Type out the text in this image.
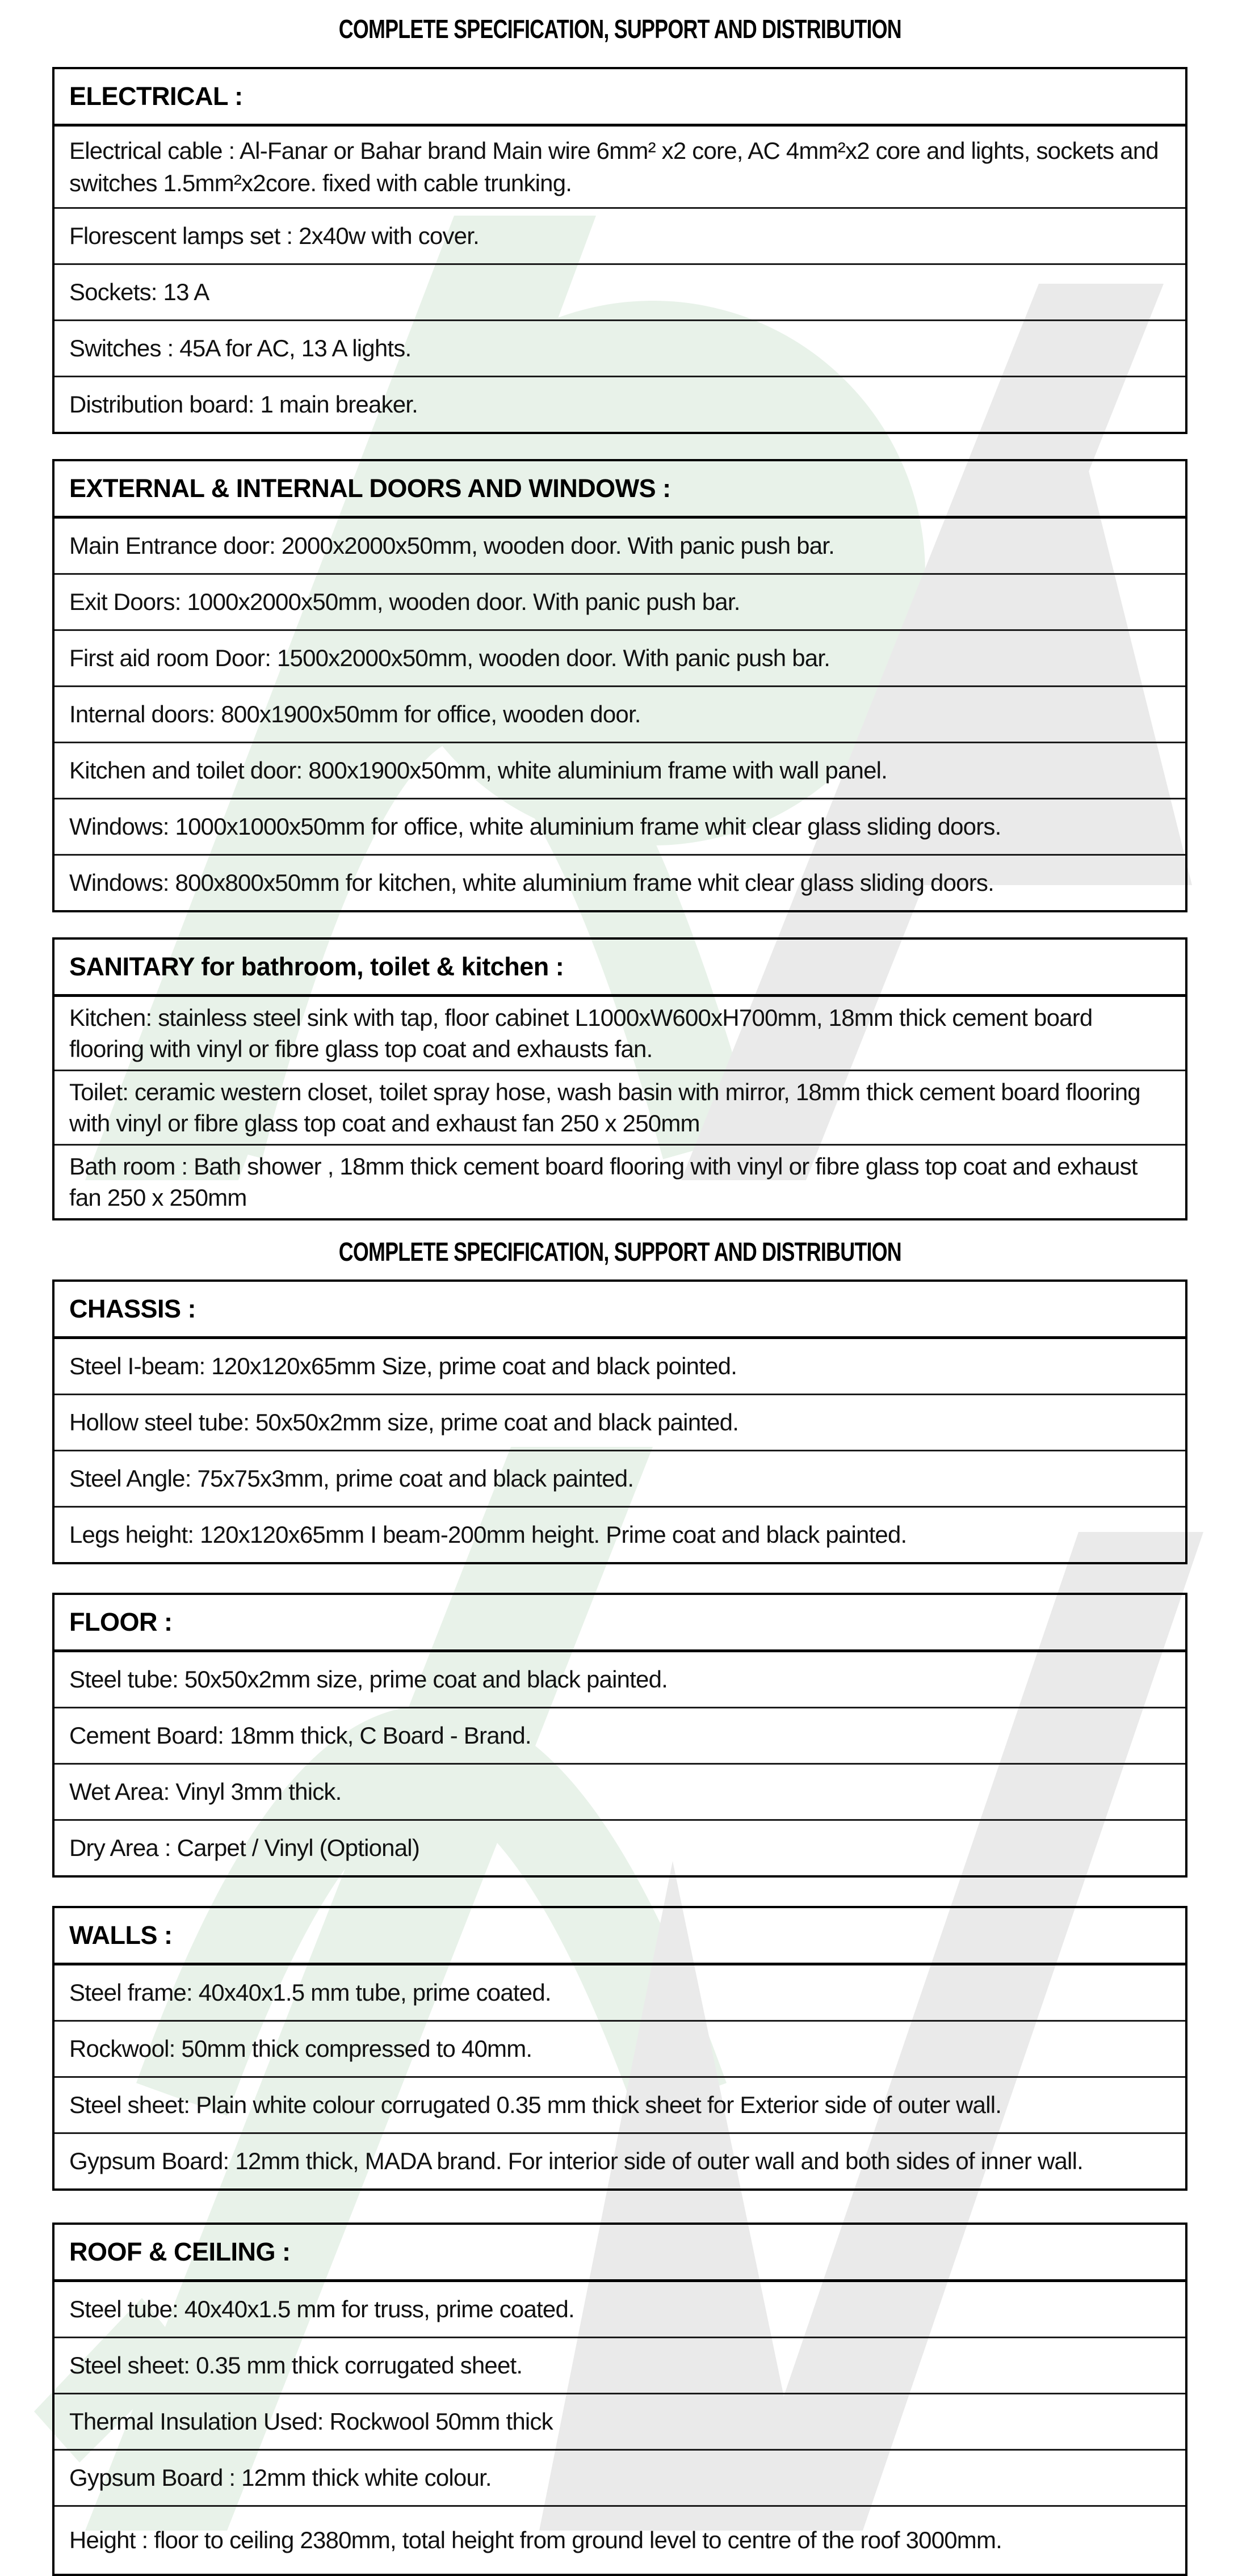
COMPLETE SPECIFICATION, SUPPORT AND DISTRIBUTION
ELECTRICAL :
Electrical cable : Al-Fanar or Bahar brand Main wire 6mm² x2 core, AC 4mm²x2 core and lights, sockets and switches 1.5mm²x2core. fixed with cable trunking.
Florescent lamps set : 2x40w with cover.
Sockets: 13 A
Switches : 45A for AC, 13 A lights.
Distribution board: 1 main breaker.
EXTERNAL & INTERNAL DOORS AND WINDOWS :
Main Entrance door: 2000x2000x50mm, wooden door. With panic push bar.
Exit Doors: 1000x2000x50mm, wooden door. With panic push bar.
First aid room Door: 1500x2000x50mm, wooden door. With panic push bar.
Internal doors: 800x1900x50mm for office, wooden door.
Kitchen and toilet door: 800x1900x50mm, white aluminium frame with wall panel.
Windows: 1000x1000x50mm for office, white aluminium frame whit clear glass sliding doors.
Windows: 800x800x50mm for kitchen, white aluminium frame whit clear glass sliding doors.
SANITARY for bathroom, toilet & kitchen :
Kitchen: stainless steel sink with tap, floor cabinet L1000xW600xH700mm, 18mm thick cement board flooring with vinyl or fibre glass top coat and exhausts fan.
Toilet: ceramic western closet, toilet spray hose, wash basin with mirror, 18mm thick cement board flooring with vinyl or fibre glass top coat and exhaust fan 250 x 250mm
Bath room : Bath shower , 18mm thick cement board flooring with vinyl or fibre glass top coat and exhaust fan 250 x 250mm
COMPLETE SPECIFICATION, SUPPORT AND DISTRIBUTION
CHASSIS :
Steel I-beam: 120x120x65mm Size, prime coat and black pointed.
Hollow steel tube: 50x50x2mm size, prime coat and black painted.
Steel Angle: 75x75x3mm, prime coat and black painted.
Legs height: 120x120x65mm I beam-200mm height. Prime coat and black painted.
FLOOR :
Steel tube: 50x50x2mm size, prime coat and black painted.
Cement Board: 18mm thick, C Board - Brand.
Wet Area: Vinyl 3mm thick.
Dry Area : Carpet / Vinyl (Optional)
WALLS :
Steel frame: 40x40x1.5 mm tube, prime coated.
Rockwool: 50mm thick compressed to 40mm.
Steel sheet: Plain white colour corrugated 0.35 mm thick sheet for Exterior side of outer wall.
Gypsum Board: 12mm thick, MADA brand. For interior side of outer wall and both sides of inner wall.
ROOF & CEILING :
Steel tube: 40x40x1.5 mm for truss, prime coated.
Steel sheet: 0.35 mm thick corrugated sheet.
Thermal Insulation Used: Rockwool 50mm thick
Gypsum Board : 12mm thick white colour.
Height : floor to ceiling 2380mm, total height from ground level to centre of the roof 3000mm.
